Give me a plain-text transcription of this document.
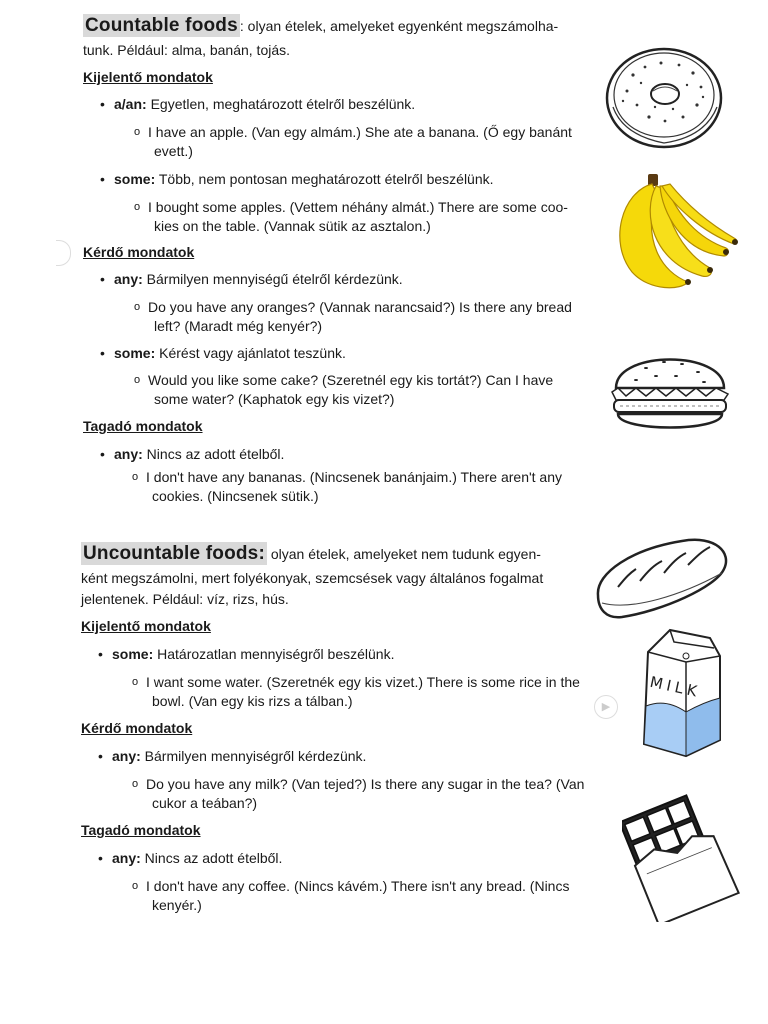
Countable foods : olyan ételek, amelyeket egyenként megszámolha-
tunk. Például: alma, banán, tojás.
Kijelentő mondatok
• a/an: Egyetlen, meghatározott ételről beszélünk.
o I have an apple. (Van egy almám.) She ate a banana. (Ő egy banánt
evett.)
• some: Több, nem pontosan meghatározott ételről beszélünk.
o I bought some apples. (Vettem néhány almát.) There are some coo-
kies on the table. (Vannak sütik az asztalon.)
Kérdő mondatok
• any: Bármilyen mennyiségű ételről kérdezünk.
o Do you have any oranges? (Vannak narancsaid?) Is there any bread
left? (Maradt még kenyér?)
• some: Kérést vagy ajánlatot teszünk.
o Would you like some cake? (Szeretnél egy kis tortát?) Can I have
some water? (Kaphatok egy kis vizet?)
Tagadó mondatok
• any: Nincs az adott ételből.
o I don't have any bananas. (Nincsenek banánjaim.) There aren't any
cookies. (Nincsenek sütik.)
Uncountable foods: olyan ételek, amelyeket nem tudunk egyen-
ként megszámolni, mert folyékonyak, szemcsések vagy általános fogalmat
jelentenek. Például: víz, rizs, hús.
Kijelentő mondatok
• some: Határozatlan mennyiségről beszélünk.
o I want some water. (Szeretnék egy kis vizet.) There is some rice in the
bowl. (Van egy kis rizs a tálban.)
Kérdő mondatok
• any: Bármilyen mennyiségről kérdezünk.
o Do you have any milk? (Van tejed?) Is there any sugar in the tea? (Van
cukor a teában?)
Tagadó mondatok
• any: Nincs az adott ételből.
o I don't have any coffee. (Nincs kávém.) There isn't any bread. (Nincs
kenyér.)
▶
MILK
